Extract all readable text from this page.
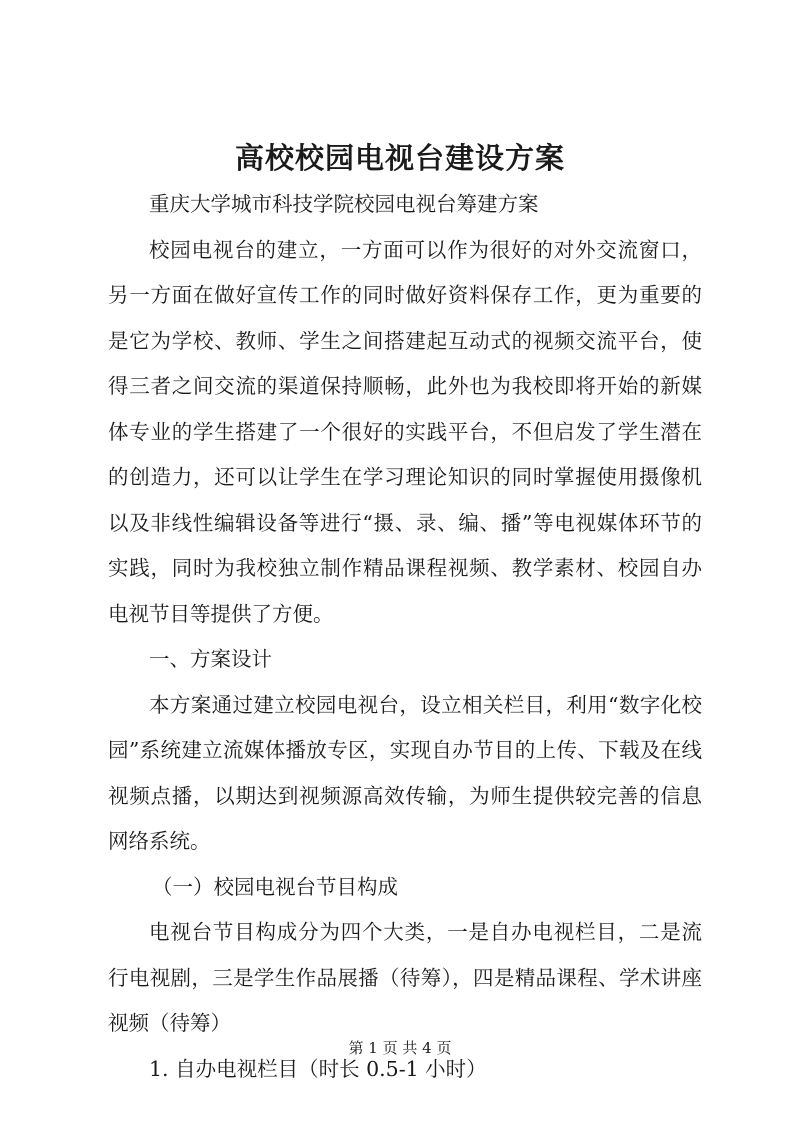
高校校园电视台建设方案

重庆大学城市科技学院校园电视台筹建方案

校园电视台的建立，一方面可以作为很好的对外交流窗口，另一方面在做好宣传工作的同时做好资料保存工作，更为重要的是它为学校、教师、学生之间搭建起互动式的视频交流平台，使得三者之间交流的渠道保持顺畅，此外也为我校即将开始的新媒体专业的学生搭建了一个很好的实践平台，不但启发了学生潜在的创造力，还可以让学生在学习理论知识的同时掌握使用摄像机以及非线性编辑设备等进行“摄、录、编、播”等电视媒体环节的实践，同时为我校独立制作精品课程视频、教学素材、校园自办电视节目等提供了方便。

一、方案设计

本方案通过建立校园电视台，设立相关栏目，利用“数字化校园”系统建立流媒体播放专区，实现自办节目的上传、下载及在线视频点播，以期达到视频源高效传输，为师生提供较完善的信息网络系统。

（一）校园电视台节目构成

电视台节目构成分为四个大类，一是自办电视栏目，二是流行电视剧，三是学生作品展播（待筹），四是精品课程、学术讲座视频（待筹）

1. 自办电视栏目（时长 0.5-1 小时）

第 1 页 共 4 页
